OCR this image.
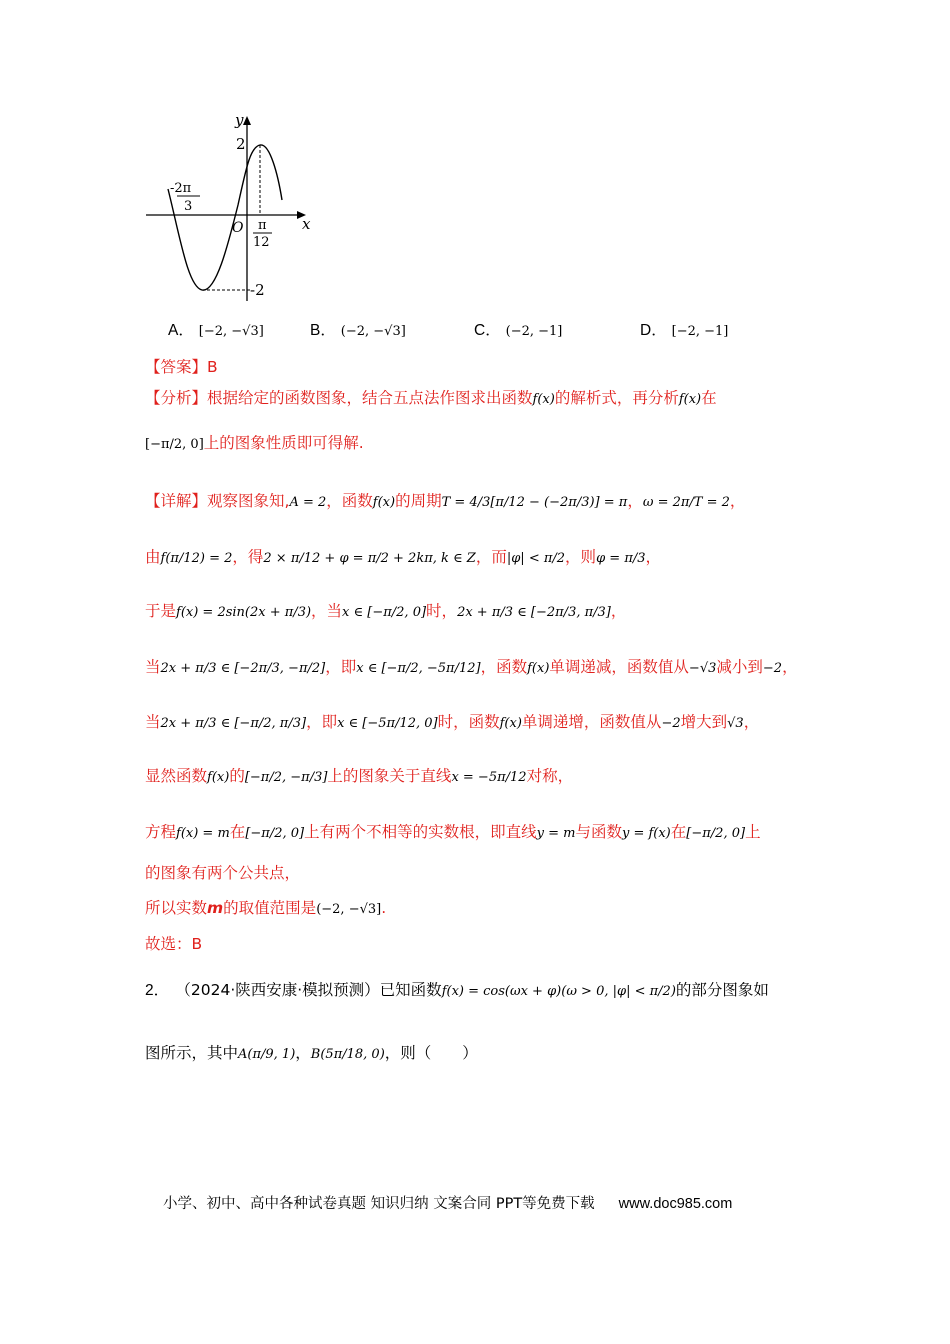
y
x
O
2
-2
-2π
3
π
12
A． [−2, −√3]	B． (−2, −√3]	C． (−2, −1]	D． [−2, −1]
【答案】B
【分析】根据给定的函数图象，结合五点法作图求出函数f(x)的解析式，再分析f(x)在
[−π/2, 0]上的图象性质即可得解.
【详解】观察图象知,A = 2，函数f(x)的周期T = 4/3[π/12 − (−2π/3)] = π，ω = 2π/T = 2，
由f(π/12) = 2，得2 × π/12 + φ = π/2 + 2kπ, k ∈ Z，而|φ| < π/2，则φ = π/3，
于是f(x) = 2sin(2x + π/3)，当x ∈ [−π/2, 0]时，2x + π/3 ∈ [−2π/3, π/3]，
当2x + π/3 ∈ [−2π/3, −π/2]，即x ∈ [−π/2, −5π/12]，函数f(x)单调递减，函数值从−√3减小到−2，
当2x + π/3 ∈ [−π/2, π/3]，即x ∈ [−5π/12, 0]时，函数f(x)单调递增，函数值从−2增大到√3，
显然函数f(x)的[−π/2, −π/3]上的图象关于直线x = −5π/12对称，
方程f(x) = m在[−π/2, 0]上有两个不相等的实数根，即直线y = m与函数y = f(x)在[−π/2, 0]上
的图象有两个公共点，
所以实数m的取值范围是(−2, −√3].
故选：B
2． （2024·陕西安康·模拟预测）已知函数f(x) = cos(ωx + φ)(ω > 0, |φ| < π/2)的部分图象如
图所示，其中A(π/9, 1)，B(5π/18, 0)，则（　　）
小学、初中、高中各种试卷真题 知识归纳 文案合同 PPT等免费下载 www.doc985.com
